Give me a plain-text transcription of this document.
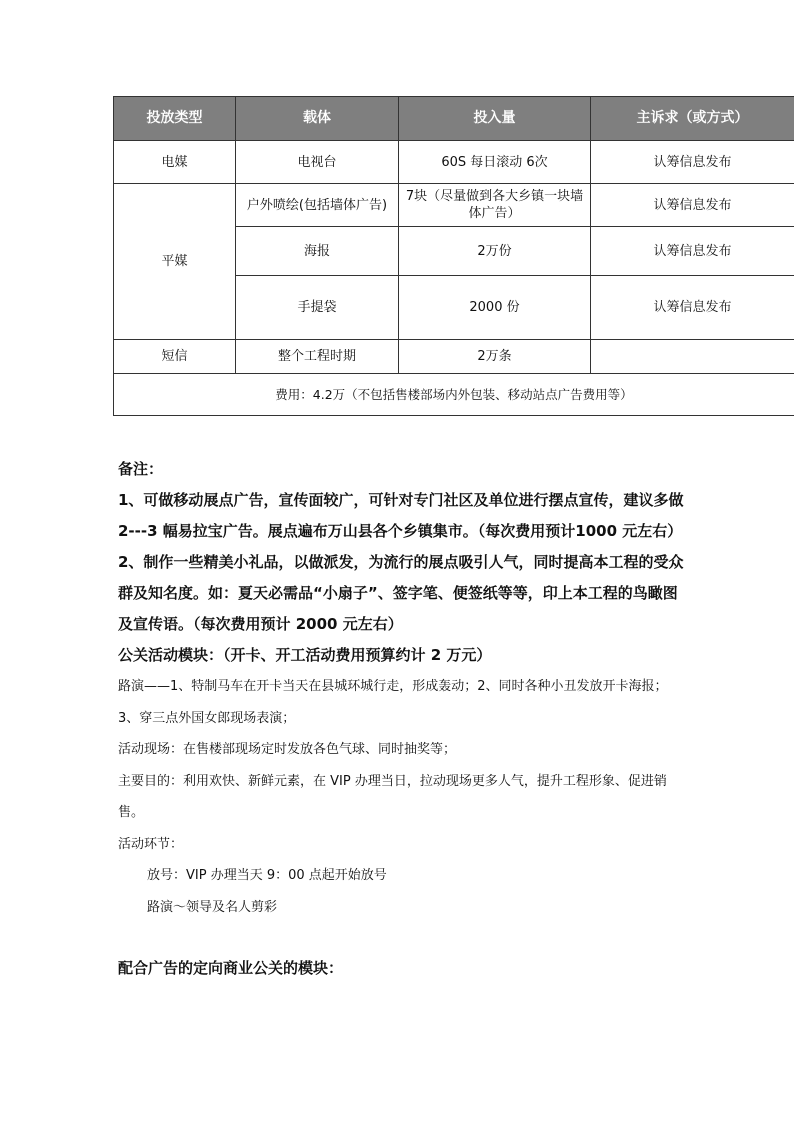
投放类型	载体	投入量	主诉求（或方式）
电媒	电视台	60S 每日滚动 6次	认筹信息发布
平媒	户外喷绘(包括墙体广告)	7块（尽量做到各大乡镇一块墙体广告）	认筹信息发布
	海报	2万份	认筹信息发布
	手提袋	2000 份	认筹信息发布
短信	整个工程时期	2万条	
费用：4.2万（不包括售楼部场内外包装、移动站点广告费用等）			

备注：

1、可做移动展点广告，宣传面较广，可针对专门社区及单位进行摆点宣传，建议多做 2---3 幅易拉宝广告。展点遍布万山县各个乡镇集市。（每次费用预计1000 元左右）

2、制作一些精美小礼品，以做派发，为流行的展点吸引人气，同时提高本工程的受众群及知名度。如：夏天必需品“小扇子”、签字笔、便签纸等等，印上本工程的鸟瞰图及宣传语。（每次费用预计 2000 元左右）

公关活动模块：（开卡、开工活动费用预算约计 2 万元）

路演——1、特制马车在开卡当天在县城环城行走，形成轰动；2、同时各种小丑发放开卡海报；3、穿三点外国女郎现场表演；

活动现场：在售楼部现场定时发放各色气球、同时抽奖等；

主要目的：利用欢快、新鲜元素，在 VIP 办理当日，拉动现场更多人气，提升工程形象、促进销售。

活动环节：

放号：VIP 办理当天 9：00 点起开始放号

路演～领导及名人剪彩

配合广告的定向商业公关的模块：
